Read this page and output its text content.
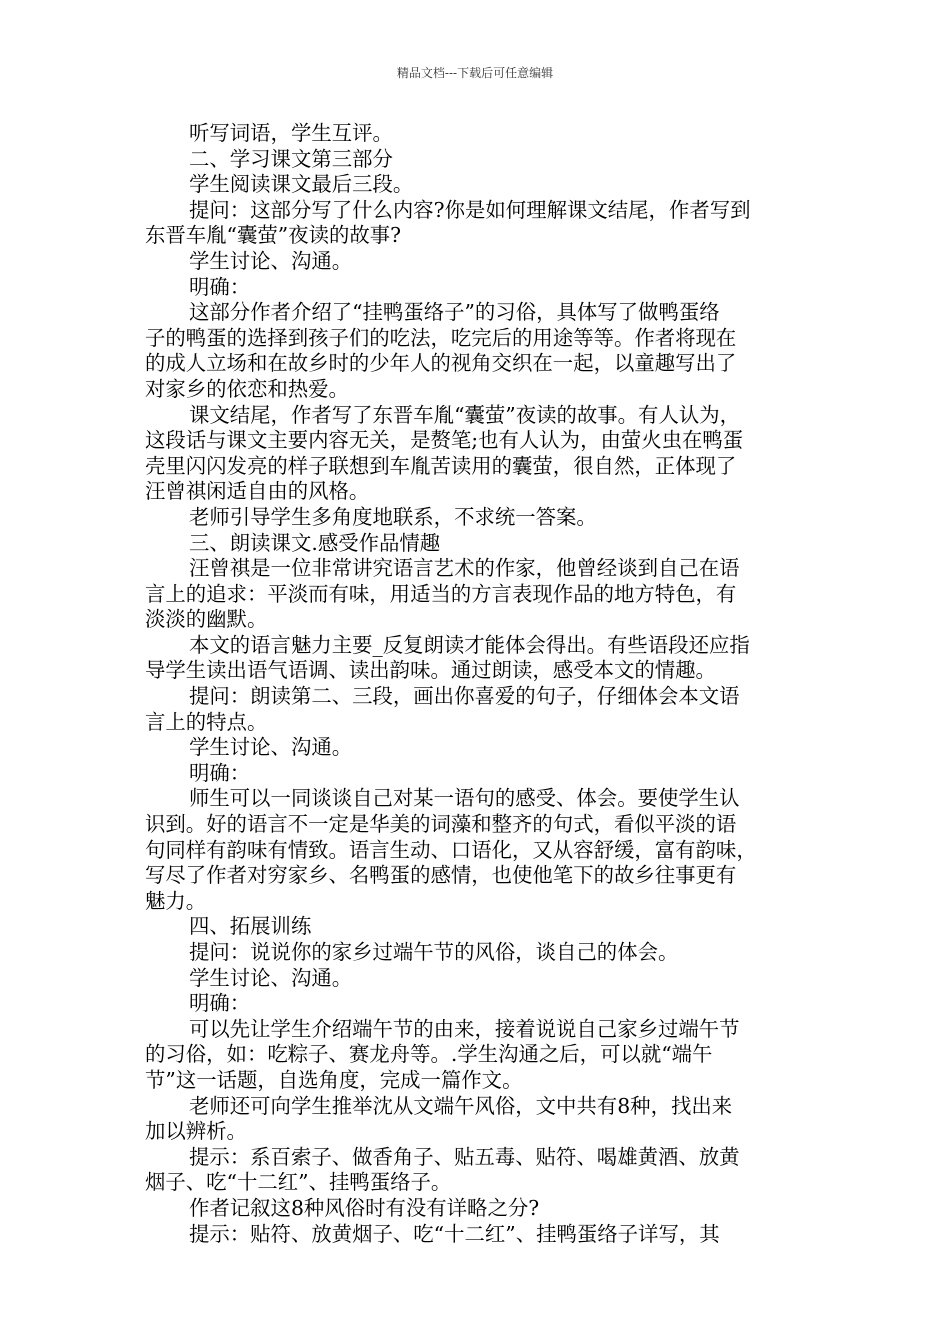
精品文档---下载后可任意编辑
听写词语，学生互评。
二、学习课文第三部分
学生阅读课文最后三段。
提问：这部分写了什么内容?你是如何理解课文结尾，作者写到
东晋车胤“囊萤”夜读的故事?
学生讨论、沟通。
明确：
这部分作者介绍了“挂鸭蛋络子”的习俗，具体写了做鸭蛋络
子的鸭蛋的选择到孩子们的吃法，吃完后的用途等等。作者将现在
的成人立场和在故乡时的少年人的视角交织在一起，以童趣写出了
对家乡的依恋和热爱。
课文结尾，作者写了东晋车胤“囊萤”夜读的故事。有人认为，
这段话与课文主要内容无关，是赘笔;也有人认为，由萤火虫在鸭蛋
壳里闪闪发亮的样子联想到车胤苦读用的囊萤，很自然，正体现了
汪曾祺闲适自由的风格。
老师引导学生多角度地联系，不求统一答案。
三、朗读课文.感受作品情趣
汪曾祺是一位非常讲究语言艺术的作家，他曾经谈到自己在语
言上的追求：平淡而有味，用适当的方言表现作品的地方特色，有
淡淡的幽默。
本文的语言魅力主要_反复朗读才能体会得出。有些语段还应指
导学生读出语气语调、读出韵味。通过朗读，感受本文的情趣。
提问：朗读第二、三段，画出你喜爱的句子，仔细体会本文语
言上的特点。
学生讨论、沟通。
明确：
师生可以一同谈谈自己对某一语句的感受、体会。要使学生认
识到。好的语言不一定是华美的词藻和整齐的句式，看似平淡的语
句同样有韵味有情致。语言生动、口语化，又从容舒缓，富有韵味，
写尽了作者对穷家乡、名鸭蛋的感情，也使他笔下的故乡往事更有
魅力。
四、拓展训练
提问：说说你的家乡过端午节的风俗，谈自己的体会。
学生讨论、沟通。
明确：
可以先让学生介绍端午节的由来，接着说说自己家乡过端午节
的习俗，如：吃粽子、赛龙舟等。.学生沟通之后，可以就“端午
节”这一话题，自选角度，完成一篇作文。
老师还可向学生推举沈从文端午风俗，文中共有8种，找出来
加以辨析。
提示：系百索子、做香角子、贴五毒、贴符、喝雄黄酒、放黄
烟子、吃“十二红”、挂鸭蛋络子。
作者记叙这8种风俗时有没有详略之分?
提示：贴符、放黄烟子、吃“十二红”、挂鸭蛋络子详写，其
